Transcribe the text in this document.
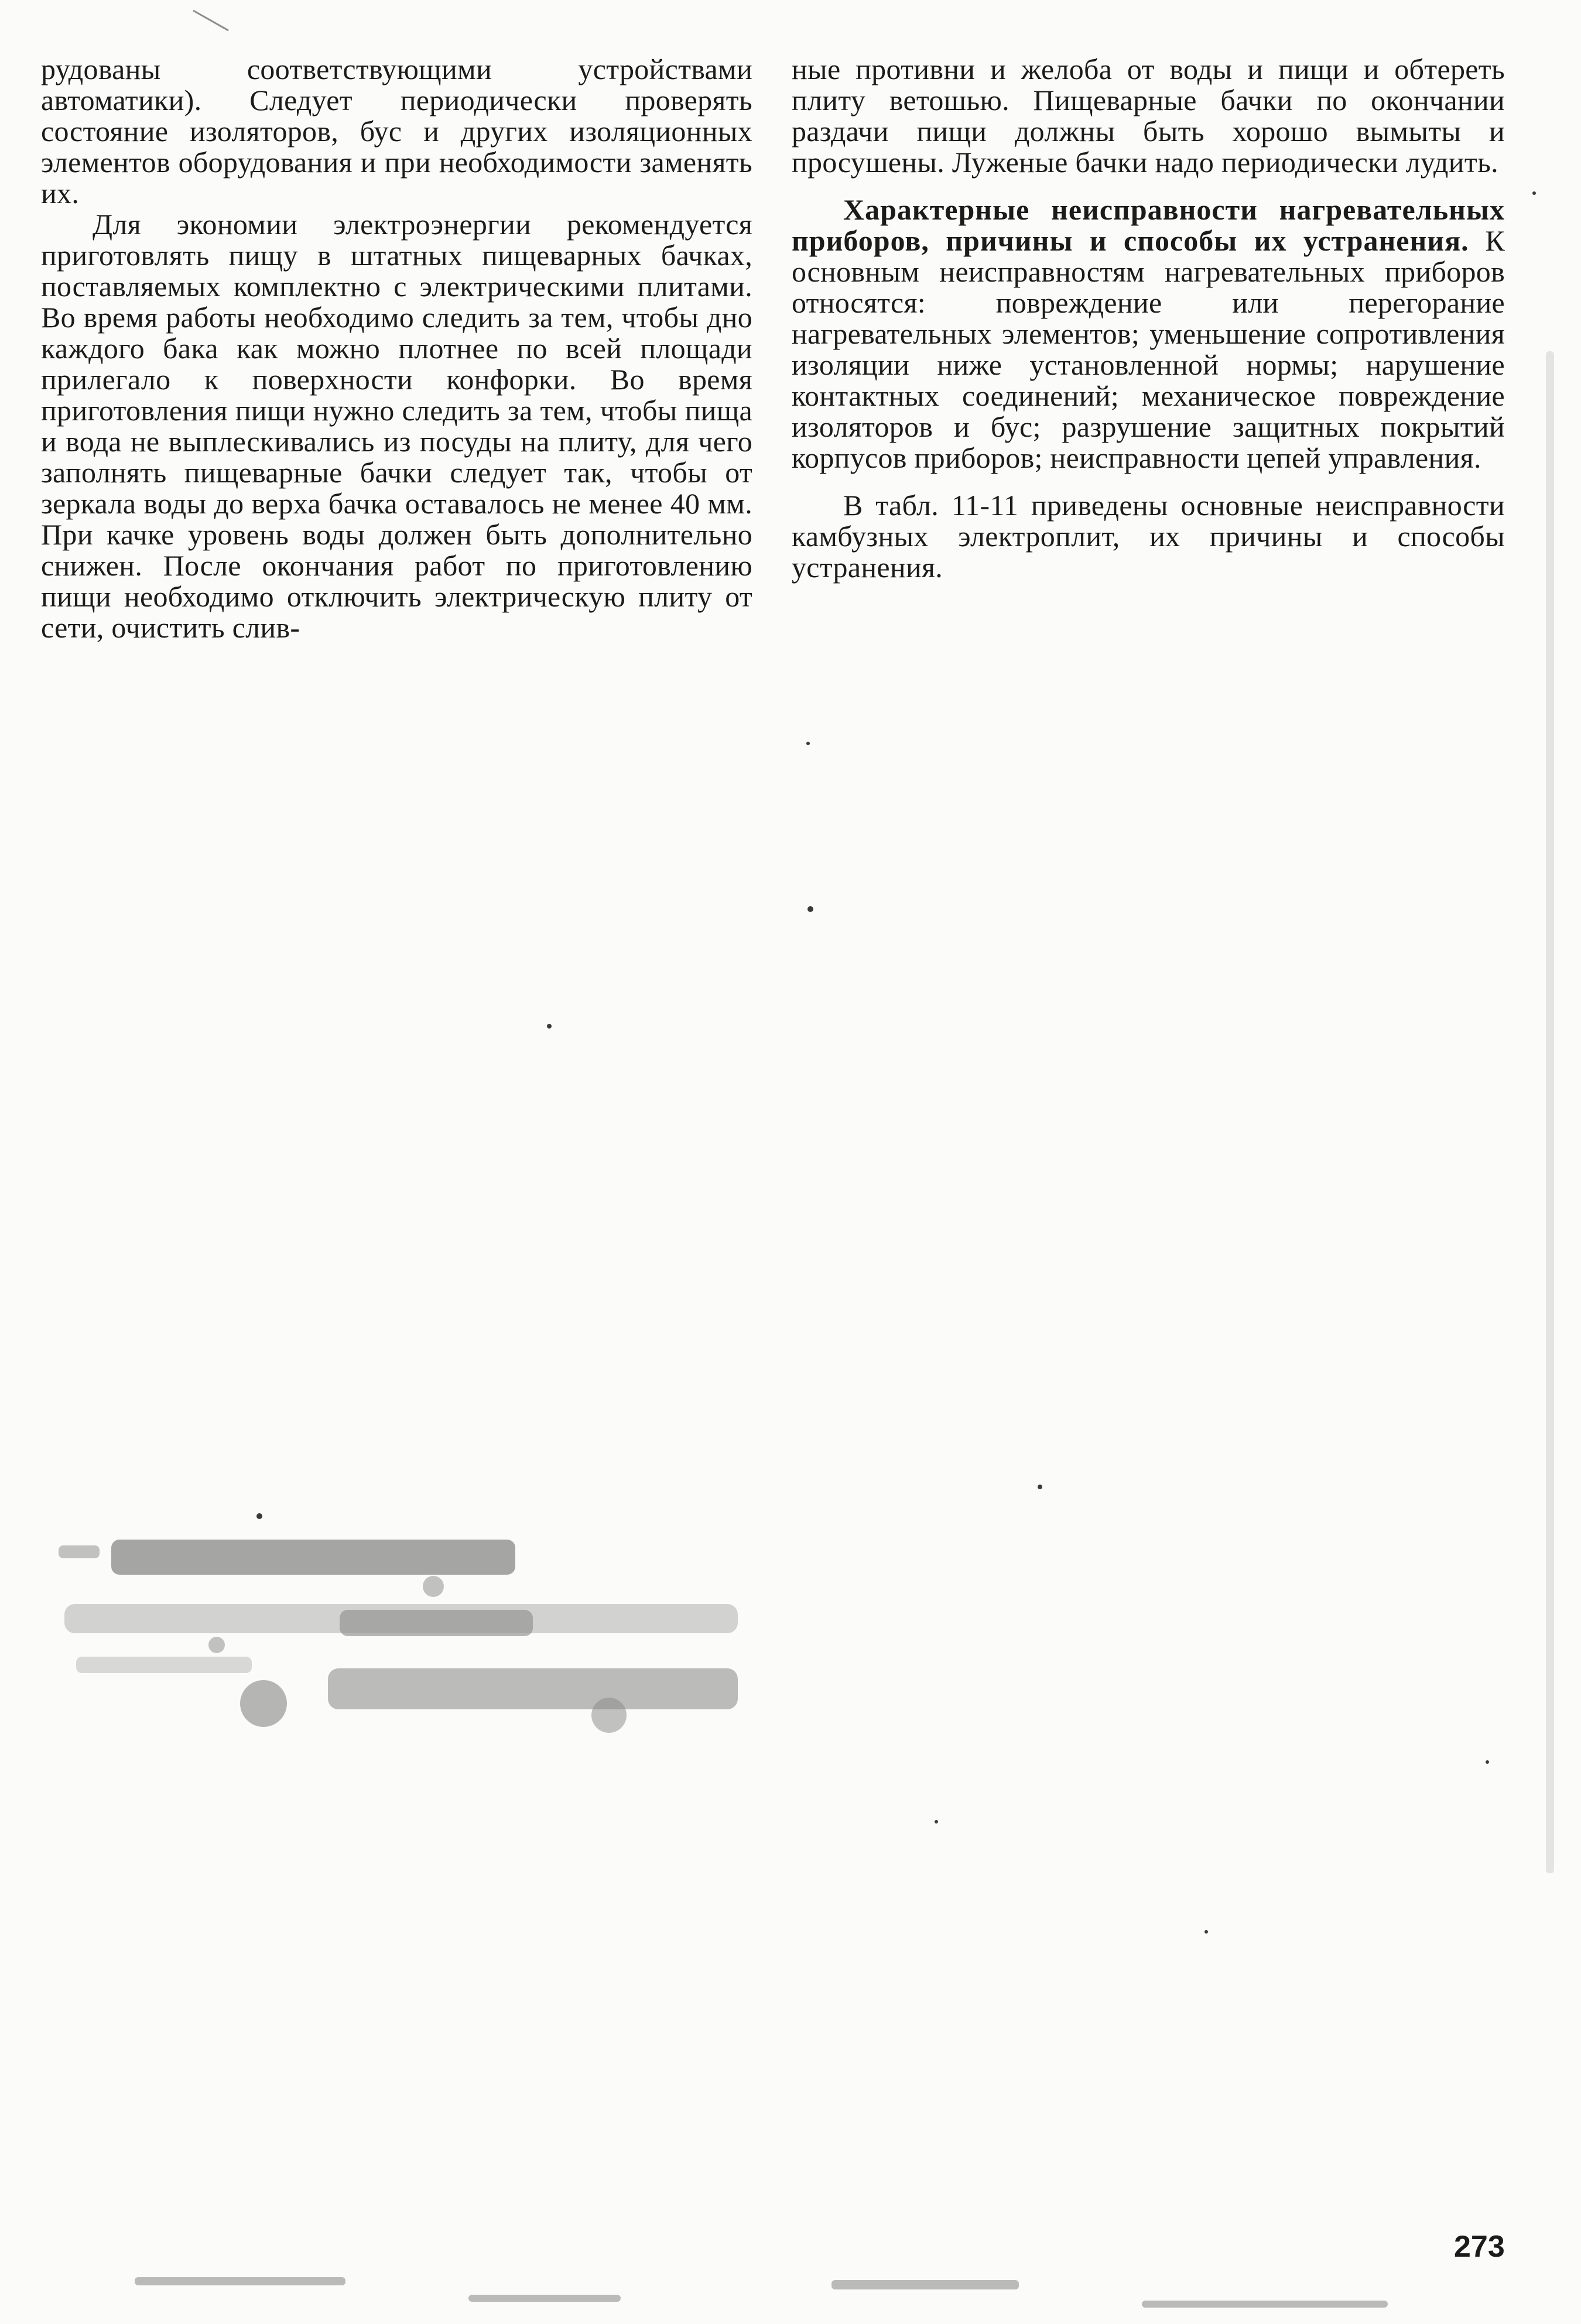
рудованы соответствующими устройствами автоматики). Следует периодически проверять состояние изоляторов, бус и других изоляционных элементов оборудования и при необходимости заменять их.

Для экономии электроэнергии рекомендуется приготовлять пищу в штатных пищеварных бачках, поставляемых комплектно с электрическими плитами. Во время работы необходимо следить за тем, чтобы дно каждого бака как можно плотнее по всей площади прилегало к поверхности конфорки. Во время приготовления пищи нужно следить за тем, чтобы пища и вода не выплескивались из посуды на плиту, для чего заполнять пищеварные бачки следует так, чтобы от зеркала воды до верха бачка оставалось не менее 40 мм. При качке уровень воды должен быть дополнительно снижен. После окончания работ по приготовлению пищи необходимо отключить электрическую плиту от сети, очистить слив-

ные противни и желоба от воды и пищи и обтереть плиту ветошью. Пищеварные бачки по окончании раздачи пищи должны быть хорошо вымыты и просушены. Луженые бачки надо периодически лудить.

Характерные неисправности нагревательных приборов, причины и способы их устранения. К основным неисправностям нагревательных приборов относятся: повреждение или перегорание нагревательных элементов; уменьшение сопротивления изоляции ниже установленной нормы; нарушение контактных соединений; механическое повреждение изоляторов и бус; разрушение защитных покрытий корпусов приборов; неисправности цепей управления.

В табл. 11-11 приведены основные неисправности камбузных электроплит, их причины и способы устранения.

273
